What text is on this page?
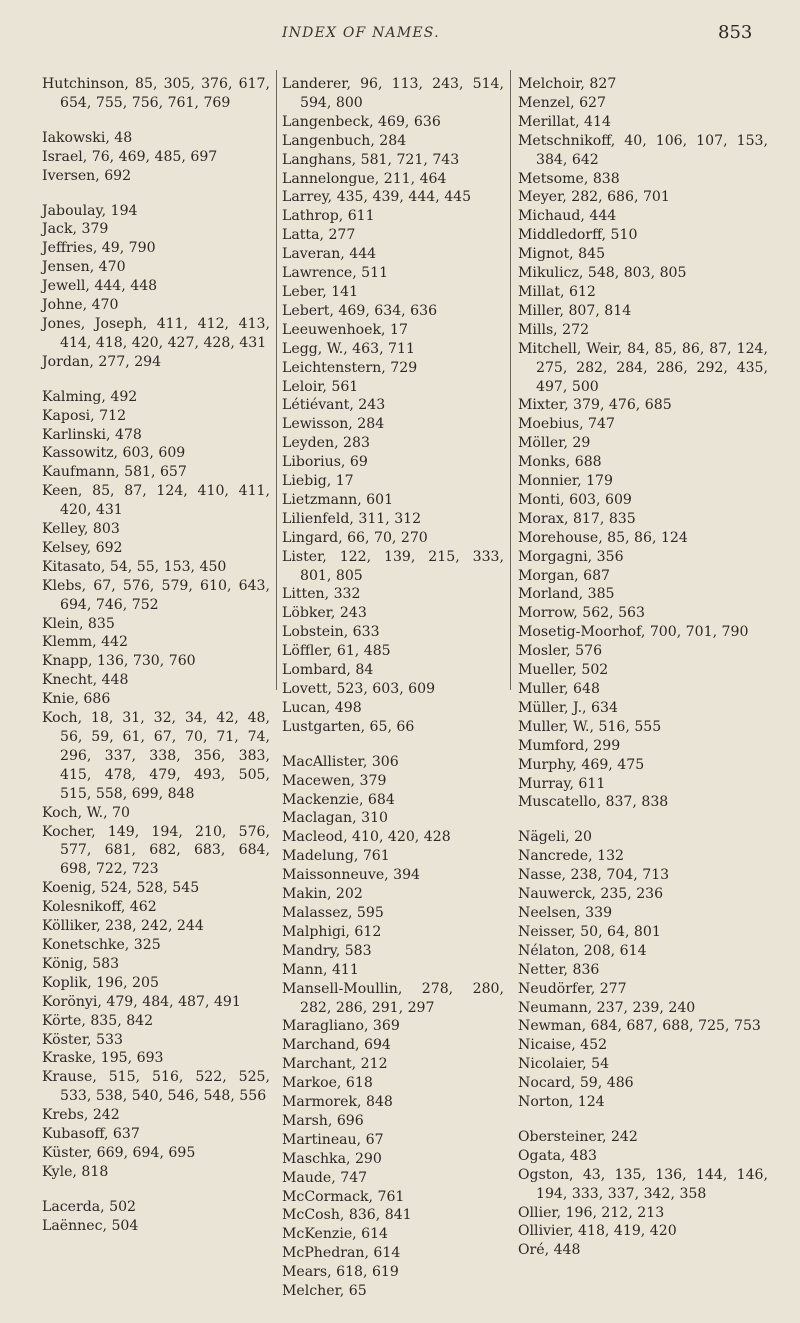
INDEX OF NAMES.	853
Hutchinson, 85, 305, 376, 617, 654, 755, 756, 761, 769
Iakowski, 48
Israel, 76, 469, 485, 697
Iversen, 692
Jaboulay, 194
Jack, 379
Jeffries, 49, 790
Jensen, 470
Jewell, 444, 448
Johne, 470
Jones, Joseph, 411, 412, 413, 414, 418, 420, 427, 428, 431
Jordan, 277, 294
Kalming, 492
Kaposi, 712
Karlinski, 478
Kassowitz, 603, 609
Kaufmann, 581, 657
Keen, 85, 87, 124, 410, 411, 420, 431
Kelley, 803
Kelsey, 692
Kitasato, 54, 55, 153, 450
Klebs, 67, 576, 579, 610, 643, 694, 746, 752
Klein, 835
Klemm, 442
Knapp, 136, 730, 760
Knecht, 448
Knie, 686
Koch, 18, 31, 32, 34, 42, 48, 56, 59, 61, 67, 70, 71, 74, 296, 337, 338, 356, 383, 415, 478, 479, 493, 505, 515, 558, 699, 848
Koch, W., 70
Kocher, 149, 194, 210, 576, 577, 681, 682, 683, 684, 698, 722, 723
Koenig, 524, 528, 545
Kolesnikoff, 462
Kölliker, 238, 242, 244
Konetschke, 325
König, 583
Koplik, 196, 205
Korönyi, 479, 484, 487, 491
Körte, 835, 842
Köster, 533
Kraske, 195, 693
Krause, 515, 516, 522, 525, 533, 538, 540, 546, 548, 556
Krebs, 242
Kubasoff, 637
Küster, 669, 694, 695
Kyle, 818
Lacerda, 502
Laënnec, 504
Landerer, 96, 113, 243, 514, 594, 800
Langenbeck, 469, 636
Langenbuch, 284
Langhans, 581, 721, 743
Lannelongue, 211, 464
Larrey, 435, 439, 444, 445
Lathrop, 611
Latta, 277
Laveran, 444
Lawrence, 511
Leber, 141
Lebert, 469, 634, 636
Leeuwenhoek, 17
Legg, W., 463, 711
Leichtenstern, 729
Leloir, 561
Létiévant, 243
Lewisson, 284
Leyden, 283
Liborius, 69
Liebig, 17
Lietzmann, 601
Lilienfeld, 311, 312
Lingard, 66, 70, 270
Lister, 122, 139, 215, 333, 801, 805
Litten, 332
Löbker, 243
Lobstein, 633
Löffler, 61, 485
Lombard, 84
Lovett, 523, 603, 609
Lucan, 498
Lustgarten, 65, 66
MacAllister, 306
Macewen, 379
Mackenzie, 684
Maclagan, 310
Macleod, 410, 420, 428
Madelung, 761
Maissonneuve, 394
Makin, 202
Malassez, 595
Malphigi, 612
Mandry, 583
Mann, 411
Mansell-Moullin, 278, 280, 282, 286, 291, 297
Maragliano, 369
Marchand, 694
Marchant, 212
Markoe, 618
Marmorek, 848
Marsh, 696
Martineau, 67
Maschka, 290
Maude, 747
McCormack, 761
McCosh, 836, 841
McKenzie, 614
McPhedran, 614
Mears, 618, 619
Melcher, 65
Melchoir, 827
Menzel, 627
Merillat, 414
Metschnikoff, 40, 106, 107, 153, 384, 642
Metsome, 838
Meyer, 282, 686, 701
Michaud, 444
Middledorff, 510
Mignot, 845
Mikulicz, 548, 803, 805
Millat, 612
Miller, 807, 814
Mills, 272
Mitchell, Weir, 84, 85, 86, 87, 124, 275, 282, 284, 286, 292, 435, 497, 500
Mixter, 379, 476, 685
Moebius, 747
Möller, 29
Monks, 688
Monnier, 179
Monti, 603, 609
Morax, 817, 835
Morehouse, 85, 86, 124
Morgagni, 356
Morgan, 687
Morland, 385
Morrow, 562, 563
Mosetig-Moorhof, 700, 701, 790
Mosler, 576
Mueller, 502
Muller, 648
Müller, J., 634
Muller, W., 516, 555
Mumford, 299
Murphy, 469, 475
Murray, 611
Muscatello, 837, 838
Nägeli, 20
Nancrede, 132
Nasse, 238, 704, 713
Nauwerck, 235, 236
Neelsen, 339
Neisser, 50, 64, 801
Nélaton, 208, 614
Netter, 836
Neudörfer, 277
Neumann, 237, 239, 240
Newman, 684, 687, 688, 725, 753
Nicaise, 452
Nicolaier, 54
Nocard, 59, 486
Norton, 124
Obersteiner, 242
Ogata, 483
Ogston, 43, 135, 136, 144, 146, 194, 333, 337, 342, 358
Ollier, 196, 212, 213
Ollivier, 418, 419, 420
Oré, 448
